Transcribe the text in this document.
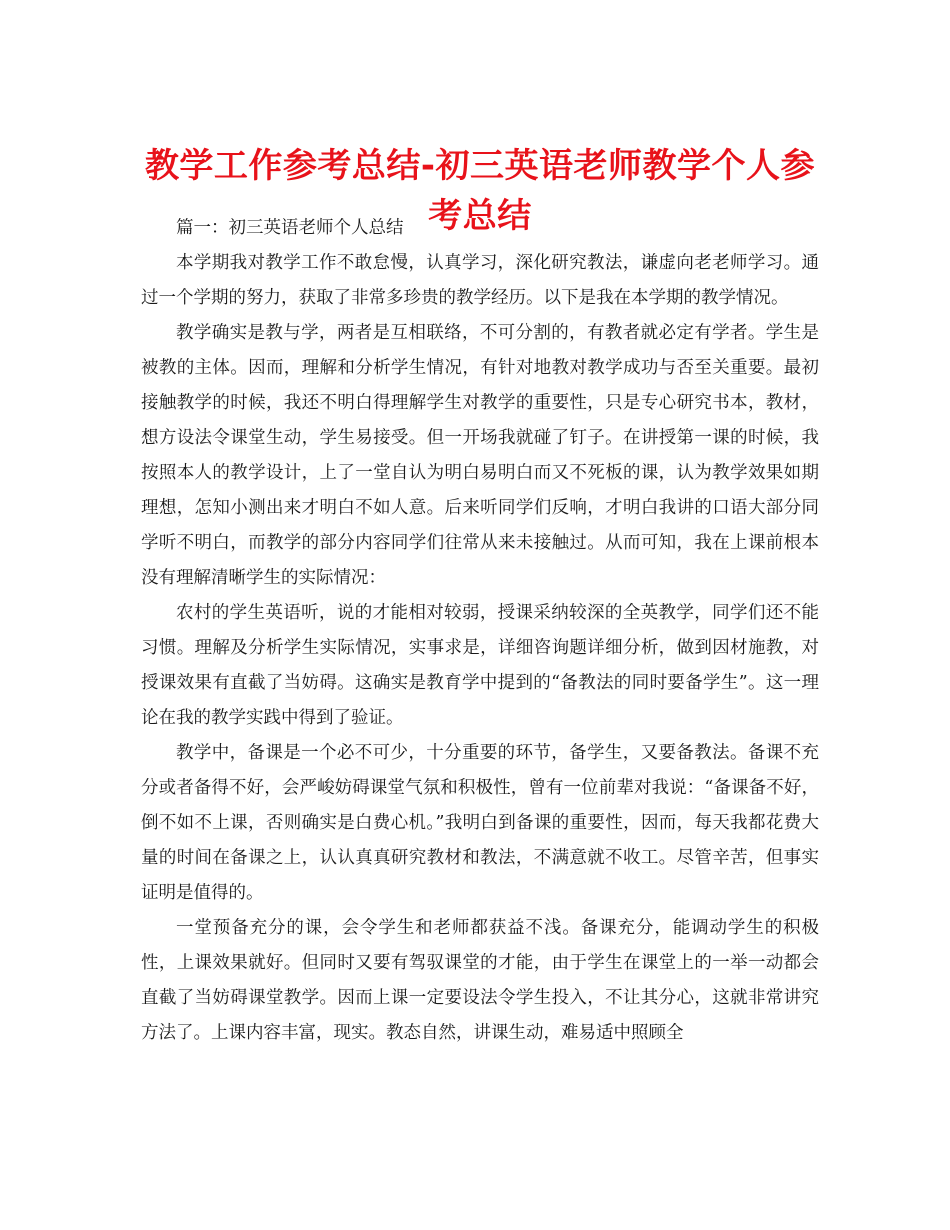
教学工作参考总结-初三英语老师教学个人参考总结

篇一：初三英语老师个人总结

本学期我对教学工作不敢怠慢，认真学习，深化研究教法，谦虚向老老师学习。通过一个学期的努力，获取了非常多珍贵的教学经历。以下是我在本学期的教学情况。

教学确实是教与学，两者是互相联络，不可分割的，有教者就必定有学者。学生是被教的主体。因而，理解和分析学生情况，有针对地教对教学成功与否至关重要。最初接触教学的时候，我还不明白得理解学生对教学的重要性，只是专心研究书本，教材，想方设法令课堂生动，学生易接受。但一开场我就碰了钉子。在讲授第一课的时候，我按照本人的教学设计，上了一堂自认为明白易明白而又不死板的课，认为教学效果如期理想，怎知小测出来才明白不如人意。后来听同学们反响，才明白我讲的口语大部分同学听不明白，而教学的部分内容同学们往常从来未接触过。从而可知，我在上课前根本没有理解清晰学生的实际情况：

农村的学生英语听，说的才能相对较弱，授课采纳较深的全英教学，同学们还不能习惯。理解及分析学生实际情况，实事求是，详细咨询题详细分析，做到因材施教，对授课效果有直截了当妨碍。这确实是教育学中提到的“备教法的同时要备学生”。这一理论在我的教学实践中得到了验证。

教学中，备课是一个必不可少，十分重要的环节，备学生，又要备教法。备课不充分或者备得不好，会严峻妨碍课堂气氛和积极性，曾有一位前辈对我说：“备课备不好，倒不如不上课，否则确实是白费心机。”我明白到备课的重要性，因而，每天我都花费大量的时间在备课之上，认认真真研究教材和教法，不满意就不收工。尽管辛苦，但事实证明是值得的。

一堂预备充分的课，会令学生和老师都获益不浅。备课充分，能调动学生的积极性，上课效果就好。但同时又要有驾驭课堂的才能，由于学生在课堂上的一举一动都会直截了当妨碍课堂教学。因而上课一定要设法令学生投入，不让其分心，这就非常讲究方法了。上课内容丰富，现实。教态自然，讲课生动，难易适中照顾全
